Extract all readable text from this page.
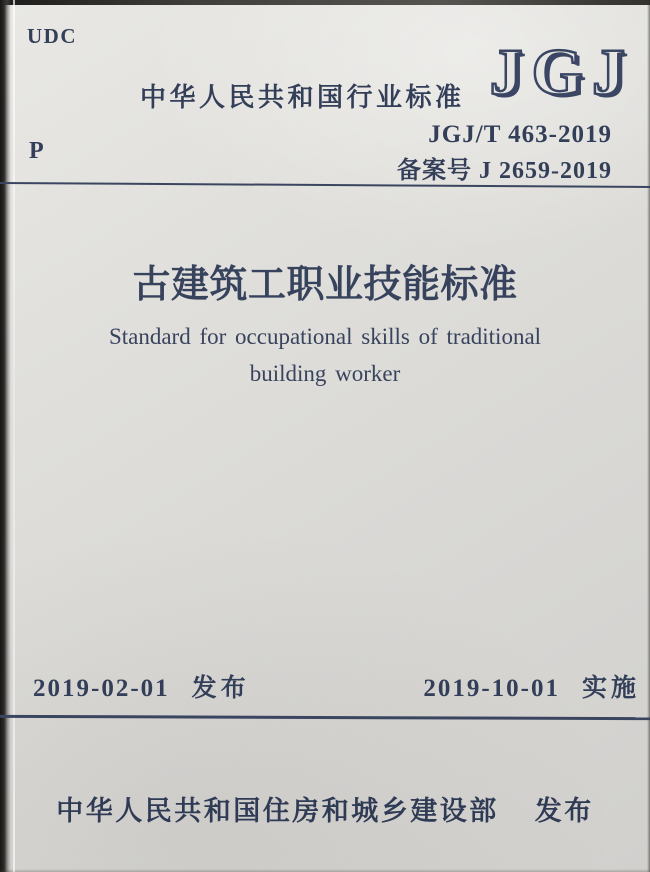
UDC
P
中华人民共和国行业标准 JGJ
JGJ/T 463-2019
备案号 J 2659-2019
古建筑工职业技能标准
Standard for occupational skills of traditional
building worker
2019-02-01 发布	2019-10-01 实施
中华人民共和国住房和城乡建设部 发布
